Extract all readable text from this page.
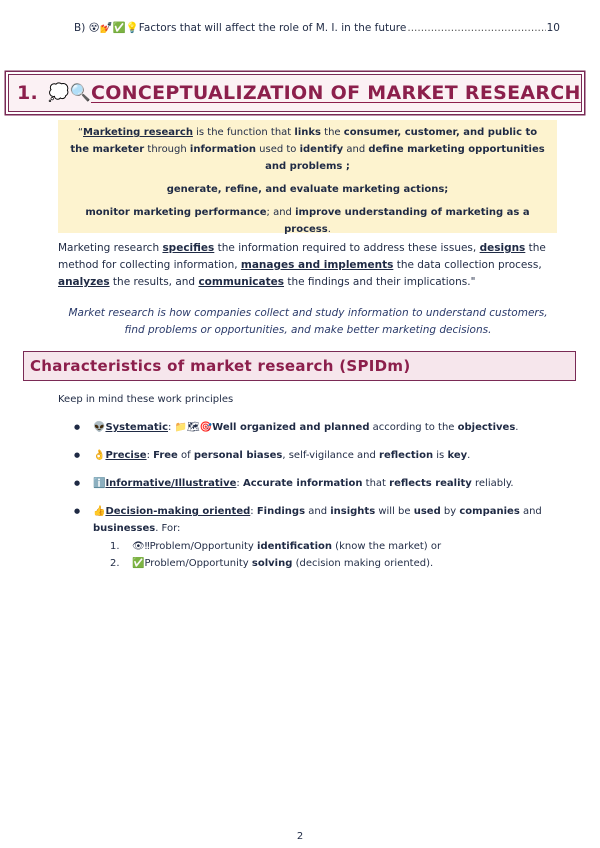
B) 😵💅✅💡Factors that will affect the role of M. I. in the future
.....	10
1. 💭🔍 CONCEPTUALIZATION OF MARKET RESEARCH

“Marketing research is the function that links the consumer, customer, and public to the marketer through information used to identify and define marketing opportunities and problems ;

generate, refine, and evaluate marketing actions;

monitor marketing performance; and improve understanding of marketing as a process.

Marketing research specifies the information required to address these issues, designs the method for collecting information, manages and implements the data collection process, analyzes the results, and communicates the findings and their implications."
Market research is how companies collect and study information to understand customers, find problems or opportunities, and make better marketing decisions.
Characteristics of market research (SPIDm)
Keep in mind these work principles
● 👽Systematic: 📁🗺🎯Well organized and planned according to the objectives.
● 👌Precise: Free of personal biases, self-vigilance and reflection is key.
● ℹ️Informative/Illustrative: Accurate information that reflects reality reliably.
● 👍Decision-making oriented: Findings and insights will be used by companies and businesses. For:
1. 👁‼Problem/Opportunity identification (know the market) or
2. ✅Problem/Opportunity solving (decision making oriented).
2
